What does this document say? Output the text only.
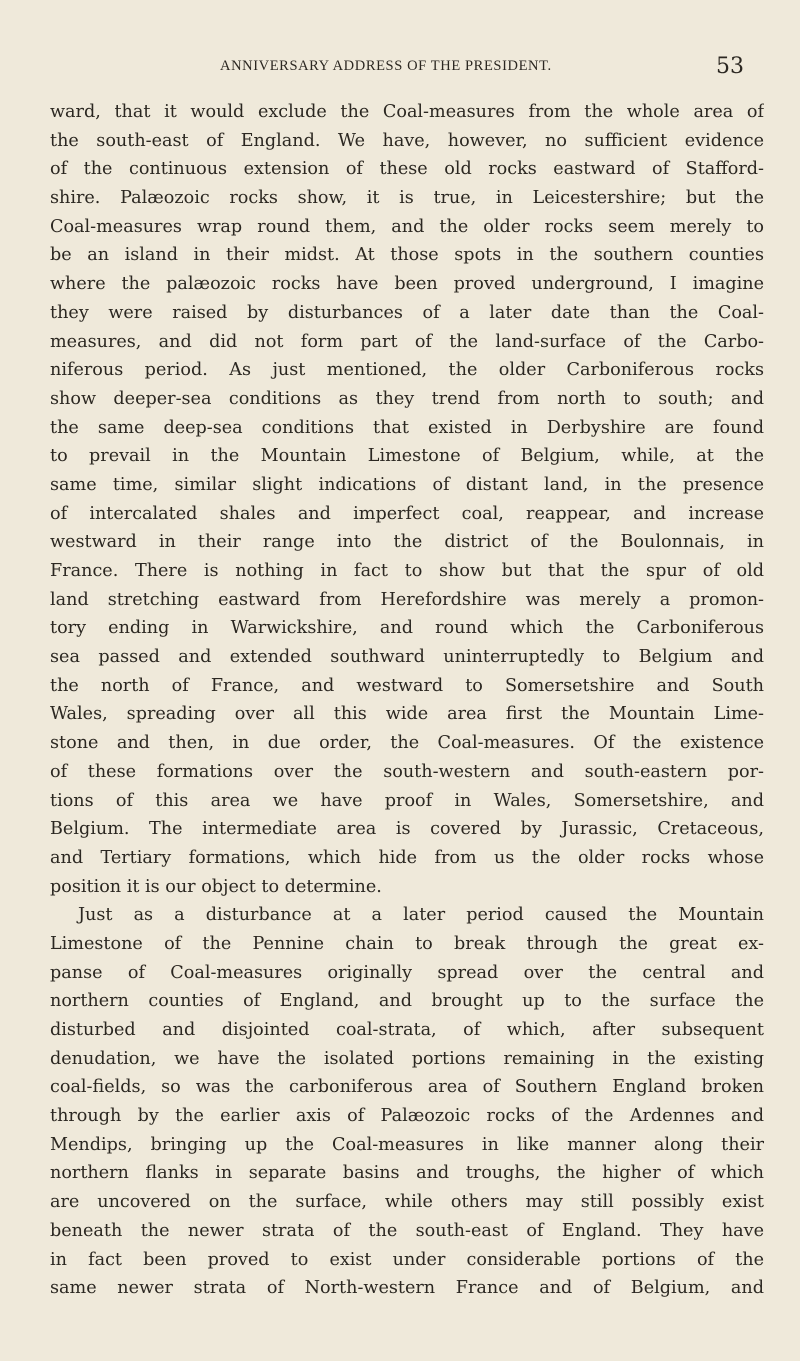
ANNIVERSARY ADDRESS OF THE PRESIDENT.	53
ward, that it would exclude the Coal-measures from the whole area of
the south-east of England. We have, however, no sufficient evidence
of the continuous extension of these old rocks eastward of Stafford-
shire. Palæozoic rocks show, it is true, in Leicestershire; but the
Coal-measures wrap round them, and the older rocks seem merely to
be an island in their midst. At those spots in the southern counties
where the palæozoic rocks have been proved underground, I imagine
they were raised by disturbances of a later date than the Coal-
measures, and did not form part of the land-surface of the Carbo-
niferous period. As just mentioned, the older Carboniferous rocks
show deeper-sea conditions as they trend from north to south; and
the same deep-sea conditions that existed in Derbyshire are found
to prevail in the Mountain Limestone of Belgium, while, at the
same time, similar slight indications of distant land, in the presence
of intercalated shales and imperfect coal, reappear, and increase
westward in their range into the district of the Boulonnais, in
France. There is nothing in fact to show but that the spur of old
land stretching eastward from Herefordshire was merely a promon-
tory ending in Warwickshire, and round which the Carboniferous
sea passed and extended southward uninterruptedly to Belgium and
the north of France, and westward to Somersetshire and South
Wales, spreading over all this wide area first the Mountain Lime-
stone and then, in due order, the Coal-measures. Of the existence
of these formations over the south-western and south-eastern por-
tions of this area we have proof in Wales, Somersetshire, and
Belgium. The intermediate area is covered by Jurassic, Cretaceous,
and Tertiary formations, which hide from us the older rocks whose
position it is our object to determine.
Just as a disturbance at a later period caused the Mountain
Limestone of the Pennine chain to break through the great ex-
panse of Coal-measures originally spread over the central and
northern counties of England, and brought up to the surface the
disturbed and disjointed coal-strata, of which, after subsequent
denudation, we have the isolated portions remaining in the existing
coal-fields, so was the carboniferous area of Southern England broken
through by the earlier axis of Palæozoic rocks of the Ardennes and
Mendips, bringing up the Coal-measures in like manner along their
northern flanks in separate basins and troughs, the higher of which
are uncovered on the surface, while others may still possibly exist
beneath the newer strata of the south-east of England. They have
in fact been proved to exist under considerable portions of the
same newer strata of North-western France and of Belgium, and
